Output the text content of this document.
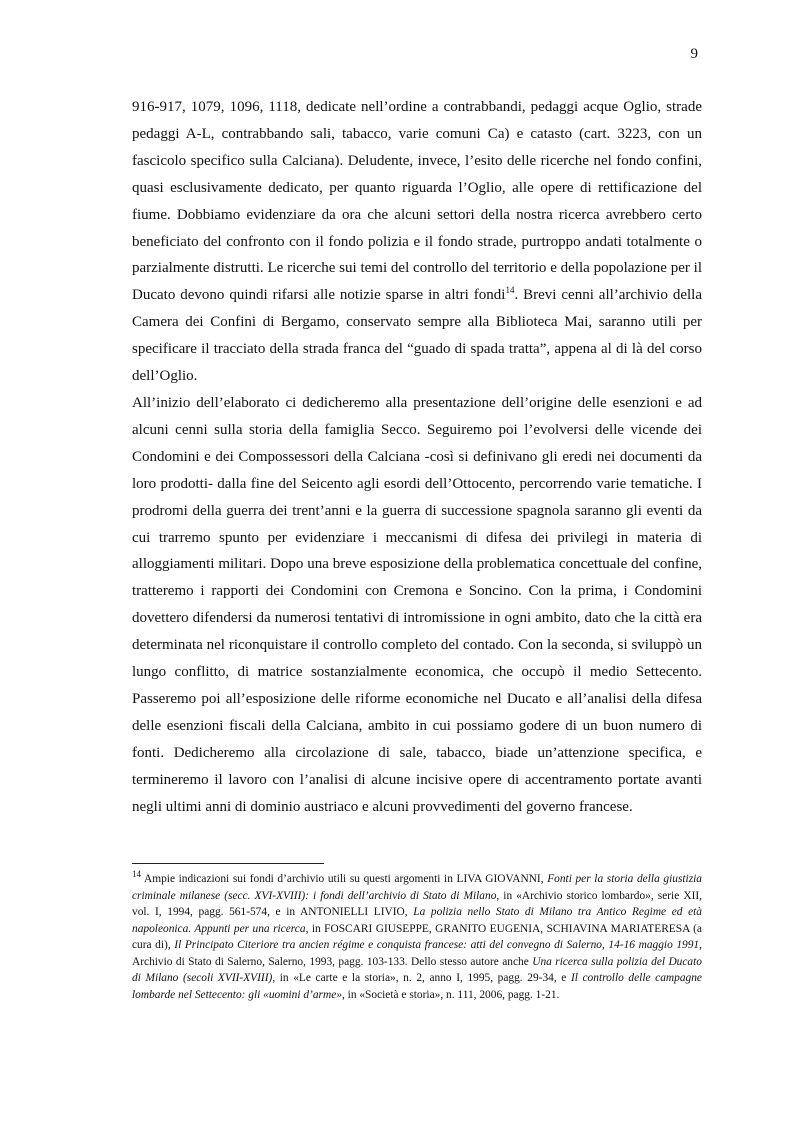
9

916-917, 1079, 1096, 1118, dedicate nell’ordine a contrabbandi, pedaggi acque Oglio, strade pedaggi A-L, contrabbando sali, tabacco, varie comuni Ca) e catasto (cart. 3223, con un fascicolo specifico sulla Calciana). Deludente, invece, l’esito delle ricerche nel fondo confini, quasi esclusivamente dedicato, per quanto riguarda l’Oglio, alle opere di rettificazione del fiume. Dobbiamo evidenziare da ora che alcuni settori della nostra ricerca avrebbero certo beneficiato del confronto con il fondo polizia e il fondo strade, purtroppo andati totalmente o parzialmente distrutti. Le ricerche sui temi del controllo del territorio e della popolazione per il Ducato devono quindi rifarsi alle notizie sparse in altri fondi$^{14}$. Brevi cenni all’archivio della Camera dei Confini di Bergamo, conservato sempre alla Biblioteca Mai, saranno utili per specificare il tracciato della strada franca del “guado di spada tratta”, appena al di là del corso dell’Oglio.

All’inizio dell’elaborato ci dedicheremo alla presentazione dell’origine delle esenzioni e ad alcuni cenni sulla storia della famiglia Secco. Seguiremo poi l’evolversi delle vicende dei Condomini e dei Compossessori della Calciana -così si definivano gli eredi nei documenti da loro prodotti- dalla fine del Seicento agli esordi dell’Ottocento, percorrendo varie tematiche. I prodromi della guerra dei trent’anni e la guerra di successione spagnola saranno gli eventi da cui trarremo spunto per evidenziare i meccanismi di difesa dei privilegi in materia di alloggiamenti militari. Dopo una breve esposizione della problematica concettuale del confine, tratteremo i rapporti dei Condomini con Cremona e Soncino. Con la prima, i Condomini dovettero difendersi da numerosi tentativi di intromissione in ogni ambito, dato che la città era determinata nel riconquistare il controllo completo del contado. Con la seconda, si sviluppò un lungo conflitto, di matrice sostanzialmente economica, che occupò il medio Settecento. Passeremo poi all’esposizione delle riforme economiche nel Ducato e all’analisi della difesa delle esenzioni fiscali della Calciana, ambito in cui possiamo godere di un buon numero di fonti. Dedicheremo alla circolazione di sale, tabacco, biade un’attenzione specifica, e termineremo il lavoro con l’analisi di alcune incisive opere di accentramento portate avanti negli ultimi anni di dominio austriaco e alcuni provvedimenti del governo francese.

$^{14}$ Ampie indicazioni sui fondi d’archivio utili su questi argomenti in LIVA GIOVANNI, Fonti per la storia della giustizia criminale milanese (secc. XVI-XVIII): i fondi dell’archivio di Stato di Milano, in «Archivio storico lombardo», serie XII, vol. I, 1994, pagg. 561-574, e in ANTONIELLI LIVIO, La polizia nello Stato di Milano tra Antico Regime ed età napoleonica. Appunti per una ricerca, in FOSCARI GIUSEPPE, GRANITO EUGENIA, SCHIAVINA MARIATERESA (a cura di), Il Principato Citeriore tra ancien régime e conquista francese: atti del convegno di Salerno, 14-16 maggio 1991, Archivio di Stato di Salerno, Salerno, 1993, pagg. 103-133. Dello stesso autore anche Una ricerca sulla polizia del Ducato di Milano (secoli XVII-XVIII), in «Le carte e la storia», n. 2, anno I, 1995, pagg. 29-34, e Il controllo delle campagne lombarde nel Settecento: gli «uomini d’arme», in «Società e storia», n. 111, 2006, pagg. 1-21.
